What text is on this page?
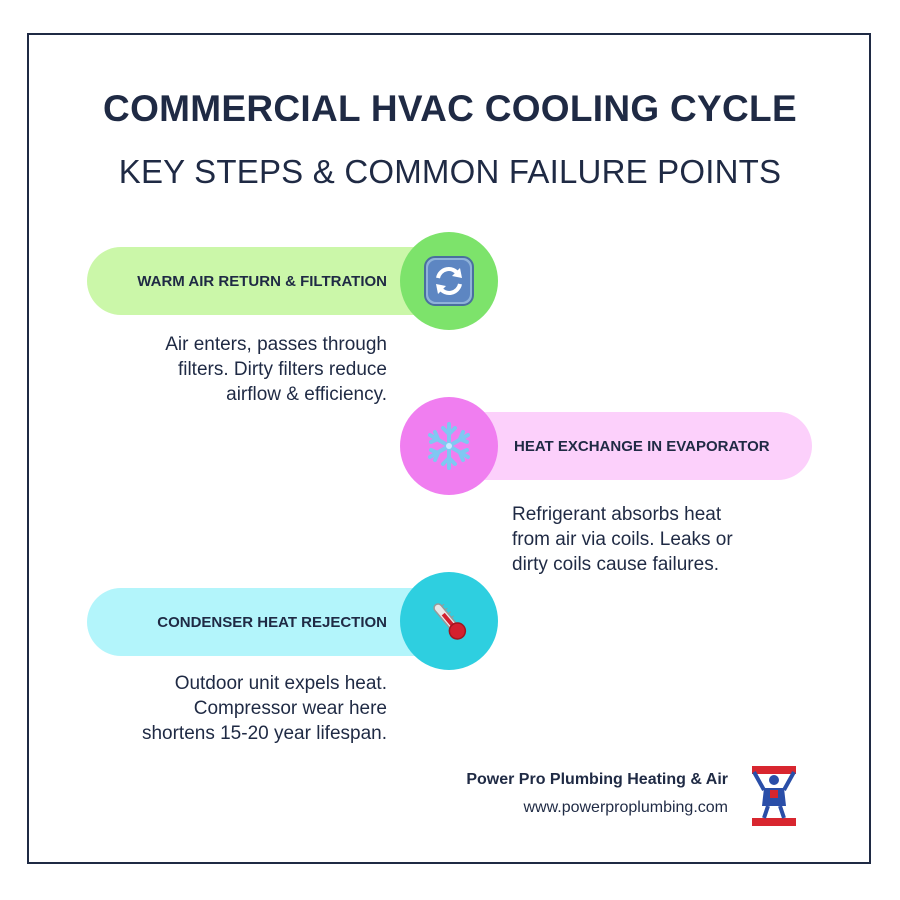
COMMERCIAL HVAC COOLING CYCLE
KEY STEPS & COMMON FAILURE POINTS
WARM AIR RETURN & FILTRATION
Air enters, passes through
filters. Dirty filters reduce
airflow & efficiency.
HEAT EXCHANGE IN EVAPORATOR
Refrigerant absorbs heat
from air via coils. Leaks or
dirty coils cause failures.
CONDENSER HEAT REJECTION
Outdoor unit expels heat.
Compressor wear here
shortens 15-20 year lifespan.
Power Pro Plumbing Heating & Air
www.powerproplumbing.com
